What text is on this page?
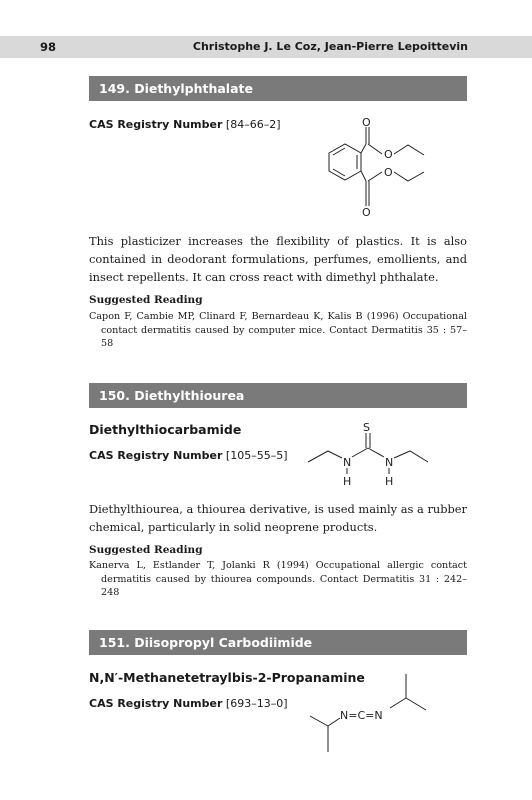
98	Christophe J. Le Coz, Jean-Pierre Lepoittevin
149. Diethylphthalate
CAS Registry Number [84–66–2]	O
O
O
O
This plasticizer increases the flexibility of plastics. It is also contained in deodorant formulations, perfumes, emollients, and insect repellents. It can cross react with dimethyl phthalate.
Suggested Reading
Capon F, Cambie MP, Clinard F, Bernardeau K, Kalis B (1996) Occupational contact dermatitis caused by computer mice. Contact Dermatitis 35 : 57–58
150. Diethylthiourea
Diethylthiocarbamide
CAS Registry Number [105–55–5]
S
N	N
H	H
Diethylthiourea, a thiourea derivative, is used mainly as a rubber chemical, particularly in solid neoprene products.
Suggested Reading
Kanerva L, Estlander T, Jolanki R (1994) Occupational allergic contact dermatitis caused by thiourea compounds. Contact Dermatitis 31 : 242–248
151. Diisopropyl Carbodiimide
N,N′-Methanetetraylbis-2-Propanamine
CAS Registry Number [693–13–0]
N=C=N
